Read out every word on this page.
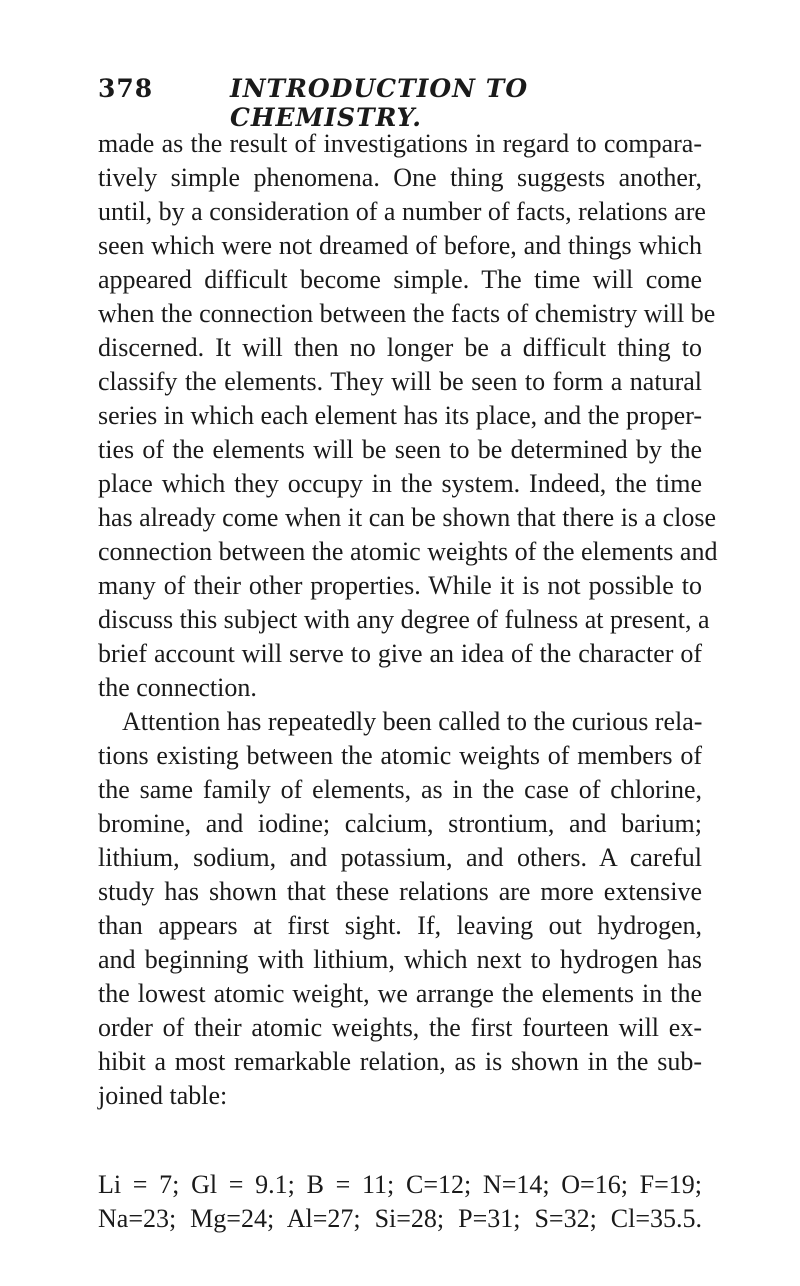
378	INTRODUCTION TO CHEMISTRY.
made as the result of investigations in regard to compara-
tively simple phenomena. One thing suggests another,
until, by a consideration of a number of facts, relations are
seen which were not dreamed of before, and things which
appeared difficult become simple. The time will come
when the connection between the facts of chemistry will be
discerned. It will then no longer be a difficult thing to
classify the elements. They will be seen to form a natural
series in which each element has its place, and the proper-
ties of the elements will be seen to be determined by the
place which they occupy in the system. Indeed, the time
has already come when it can be shown that there is a close
connection between the atomic weights of the elements and
many of their other properties. While it is not possible to
discuss this subject with any degree of fulness at present, a
brief account will serve to give an idea of the character of
the connection.
Attention has repeatedly been called to the curious rela-
tions existing between the atomic weights of members of
the same family of elements, as in the case of chlorine,
bromine, and iodine; calcium, strontium, and barium;
lithium, sodium, and potassium, and others. A careful
study has shown that these relations are more extensive
than appears at first sight. If, leaving out hydrogen,
and beginning with lithium, which next to hydrogen has
the lowest atomic weight, we arrange the elements in the
order of their atomic weights, the first fourteen will ex-
hibit a most remarkable relation, as is shown in the sub-
joined table:
Li = 7; Gl = 9.1; B = 11; C=12; N=14; O=16; F=19;
Na=23; Mg=24; Al=27; Si=28; P=31; S=32; Cl=35.5.
